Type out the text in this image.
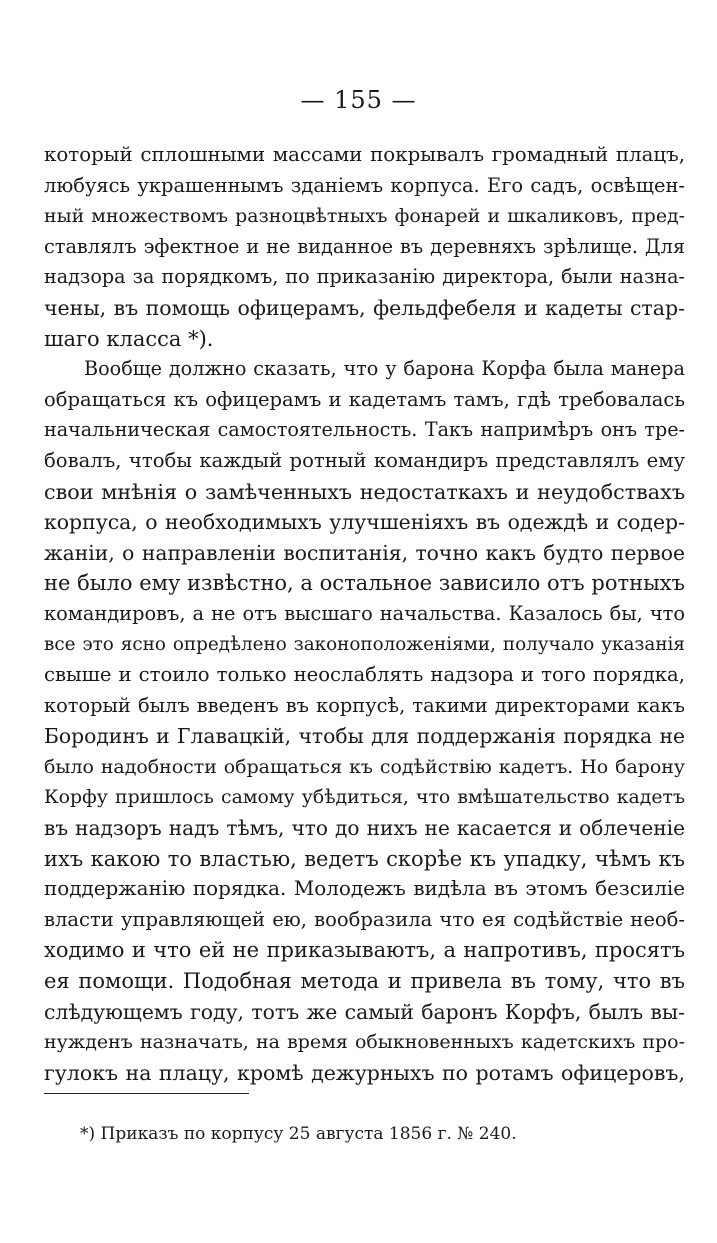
— 155 —
который сплошными массами покрывалъ громадный плацъ,
любуясь украшеннымъ зданіемъ корпуса. Его садъ, освѣщен-
ный множествомъ разноцвѣтныхъ фонарей и шкаликовъ, пред-
ставлялъ эфектное и не виданное въ деревняхъ зрѣлище. Для
надзора за порядкомъ, по приказанію директора, были назна-
чены, въ помощь офицерамъ, фельдфебеля и кадеты стар-
шаго класса *).
Вообще должно сказать, что у барона Корфа была манера
обращаться къ офицерамъ и кадетамъ тамъ, гдѣ требовалась
начальническая самостоятельность. Такъ напримѣръ онъ тре-
бовалъ, чтобы каждый ротный командиръ представлялъ ему
свои мнѣнія о замѣченныхъ недостаткахъ и неудобствахъ
корпуса, о необходимыхъ улучшеніяхъ въ одеждѣ и содер-
жаніи, о направленіи воспитанія, точно какъ будто первое
не было ему извѣстно, а остальное зависило отъ ротныхъ
командировъ, а не отъ высшаго начальства. Казалось бы, что
все это ясно опредѣлено законоположеніями, получало указанія
свыше и стоило только неослаблять надзора и того порядка,
который былъ введенъ въ корпусѣ, такими директорами какъ
Бородинъ и Главацкій, чтобы для поддержанія порядка не
было надобности обращаться къ содѣйствію кадетъ. Но барону
Корфу пришлось самому убѣдиться, что вмѣшательство кадетъ
въ надзоръ надъ тѣмъ, что до нихъ не касается и облеченіе
ихъ какою то властью, ведетъ скорѣе къ упадку, чѣмъ къ
поддержанію порядка. Молодежъ видѣла въ этомъ безсиліе
власти управляющей ею, вообразила что ея содѣйствіе необ-
ходимо и что ей не приказываютъ, а напротивъ, просятъ
ея помощи. Подобная метода и привела въ тому, что въ
слѣдующемъ году, тотъ же самый баронъ Корфъ, былъ вы-
нужденъ назначать, на время обыкновенныхъ кадетскихъ про-
гулокъ на плацу, кромѣ дежурныхъ по ротамъ офицеровъ,

*) Приказъ по корпусу 25 августа 1856 г. № 240.
